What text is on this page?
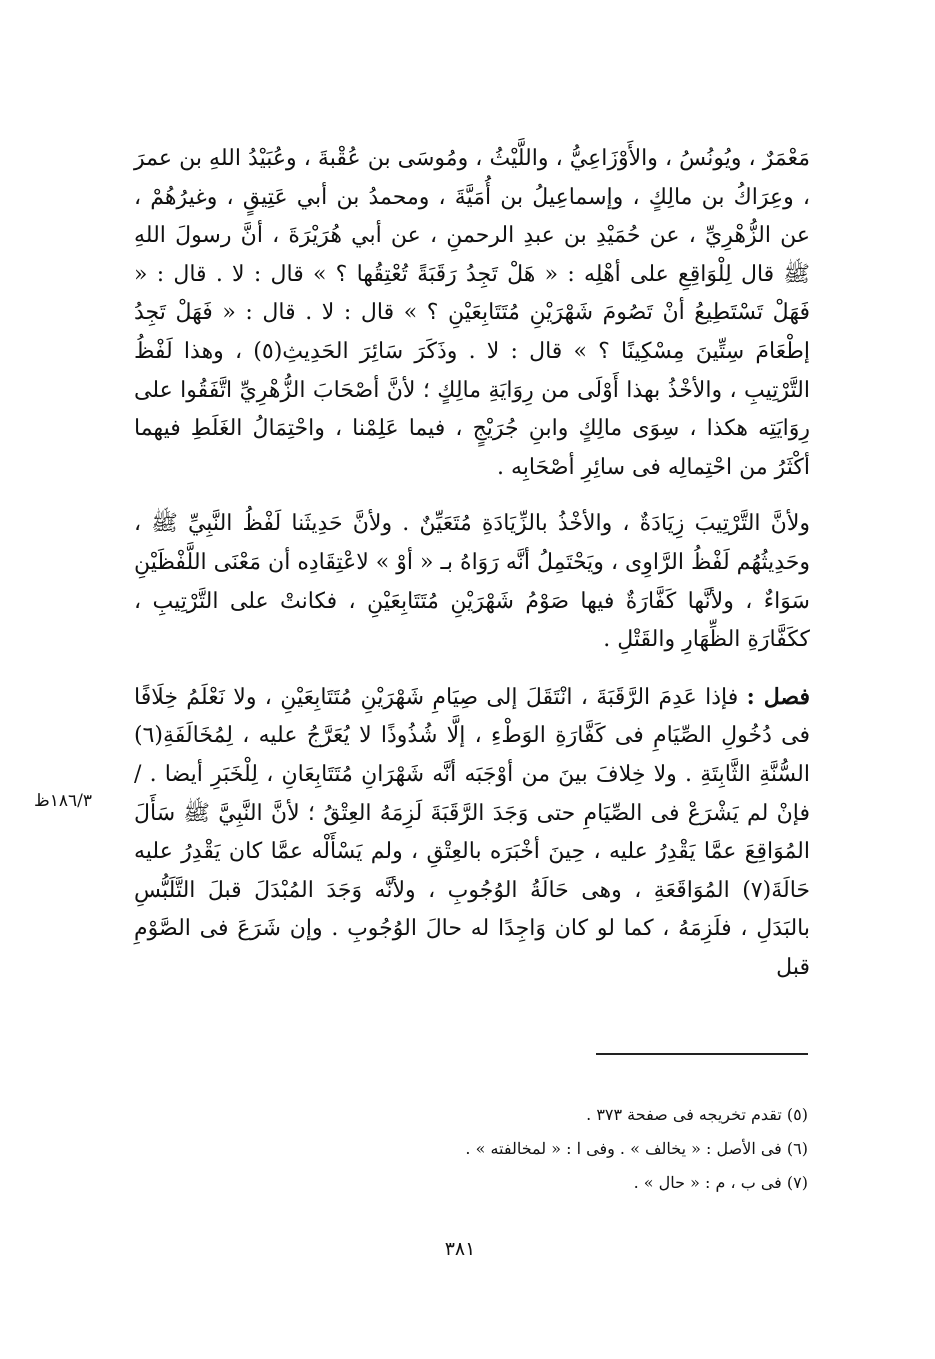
مَعْمَرٌ ، ويُونُسُ ، والأَوْزَاعِيُّ ، واللَّيْثُ ، ومُوسَى بن عُقْبةَ ، وعُبَيْدُ اللهِ بن عمرَ ، وعِرَاكُ بن مالِكٍ ، وإسماعِيلُ بن أُمَيَّةَ ، ومحمدُ بن أبي عَتِيقٍ ، وغيرُهُمْ ، عن الزُّهْرِيِّ ، عن حُمَيْدِ بن عبدِ الرحمنِ ، عن أبي هُرَيْرَةَ ، أنَّ رسولَ اللهِ ﷺ قال لِلْوَاقِعِ على أهْلِه : « هَلْ تَجِدُ رَقَبَةً تُعْتِقُها ؟ » قال : لا . قال : « فَهَلْ تَسْتَطِيعُ أنْ تَصُومَ شَهْرَيْنِ مُتَتَابِعَيْنِ ؟ » قال : لا . قال : « فَهَلْ تَجِدُ إطْعَامَ سِتِّينَ مِسْكِينًا ؟ » قال : لا . وذَكَرَ سَائِرَ الحَدِيثِ(٥) ، وهذا لَفْظُ التَّرْتِيبِ ، والأخْذُ بهذا أَوْلَى من رِوَايَةِ مالِكٍ ؛ لأنَّ أصْحَابَ الزُّهْرِيِّ اتَّفَقُوا على رِوَايَتِه هكذا ، سِوَى مالِكٍ وابنِ جُرَيْجٍ ، فيما عَلِمْنا ، واحْتِمَالُ الغَلَطِ فيهما أكْثَرُ من احْتِمالِه فى سائِرِ أصْحَابِه .

ولأنَّ التَّرْتِيبَ زِيَادَةٌ ، والأخْذُ بالزِّيَادَةِ مُتَعَيِّنٌ . ولأنَّ حَدِيثَنا لَفْظُ النَّبِيِّ ﷺ ، وحَدِيثُهُم لَفْظُ الرَّاوِى ، ويَحْتَمِلُ أنَّه رَوَاهُ بـ « أوْ » لاعْتِقَادِه أن مَعْنَى اللَّفْظَيْنِ سَوَاءٌ ، ولأنَّها كَفَّارَةٌ فيها صَوْمُ شَهْرَيْنِ مُتَتَابِعَيْنِ ، فكانتْ على التَّرْتِيبِ ، ككَفَّارَةِ الظِّهَارِ والقَتْلِ .

فصل : فإذا عَدِمَ الرَّقَبَةَ ، انْتَقَلَ إلى صِيَامِ شَهْرَيْنِ مُتَتَابِعَيْنِ ، ولا نَعْلَمُ خِلَافًا فى دُخُولِ الصِّيَامِ فى كَفَّارَةِ الوَطْءِ ، إلَّا شُذُوذًا لا يُعَرَّجُ عليه ، لِمُخَالَفَةِ(٦) السُّنَّةِ الثَّابِتَةِ . ولا خِلافَ بينَ من أوْجَبَه أنَّه شَهْرَانِ مُتَتَابِعَانِ ، لِلْخَبَرِ أيضا . / فإنْ لم يَشْرَعْ فى الصِّيَامِ حتى وَجَدَ الرَّقَبَةَ لَزِمَهُ العِتْقُ ؛ لأنَّ النَّبِيَّ ﷺ سَأَلَ المُوَاقِعَ عمَّا يَقْدِرُ عليه ، حِينَ أخْبَرَه بالعِتْقِ ، ولم يَسْأَلْه عمَّا كان يَقْدِرُ عليه حَالَةَ(٧) المُوَاقَعَةِ ، وهى حَالَةُ الوُجُوبِ ، ولأنَّه وَجَدَ المُبْدَلَ قبلَ التَّلَبُّسِ بالبَدَلِ ، فلَزِمَهُ ، كما لو كان وَاجِدًا له حالَ الوُجُوبِ . وإن شَرَعَ فى الصَّوْمِ قبل

١٨٦/٣ظ

(٥) تقدم تخريجه فى صفحة ٣٧٣ .

(٦) فى الأصل : « يخالف » . وفى ا : « لمخالفته » .

(٧) فى ب ، م : « حال » .

٣٨١
